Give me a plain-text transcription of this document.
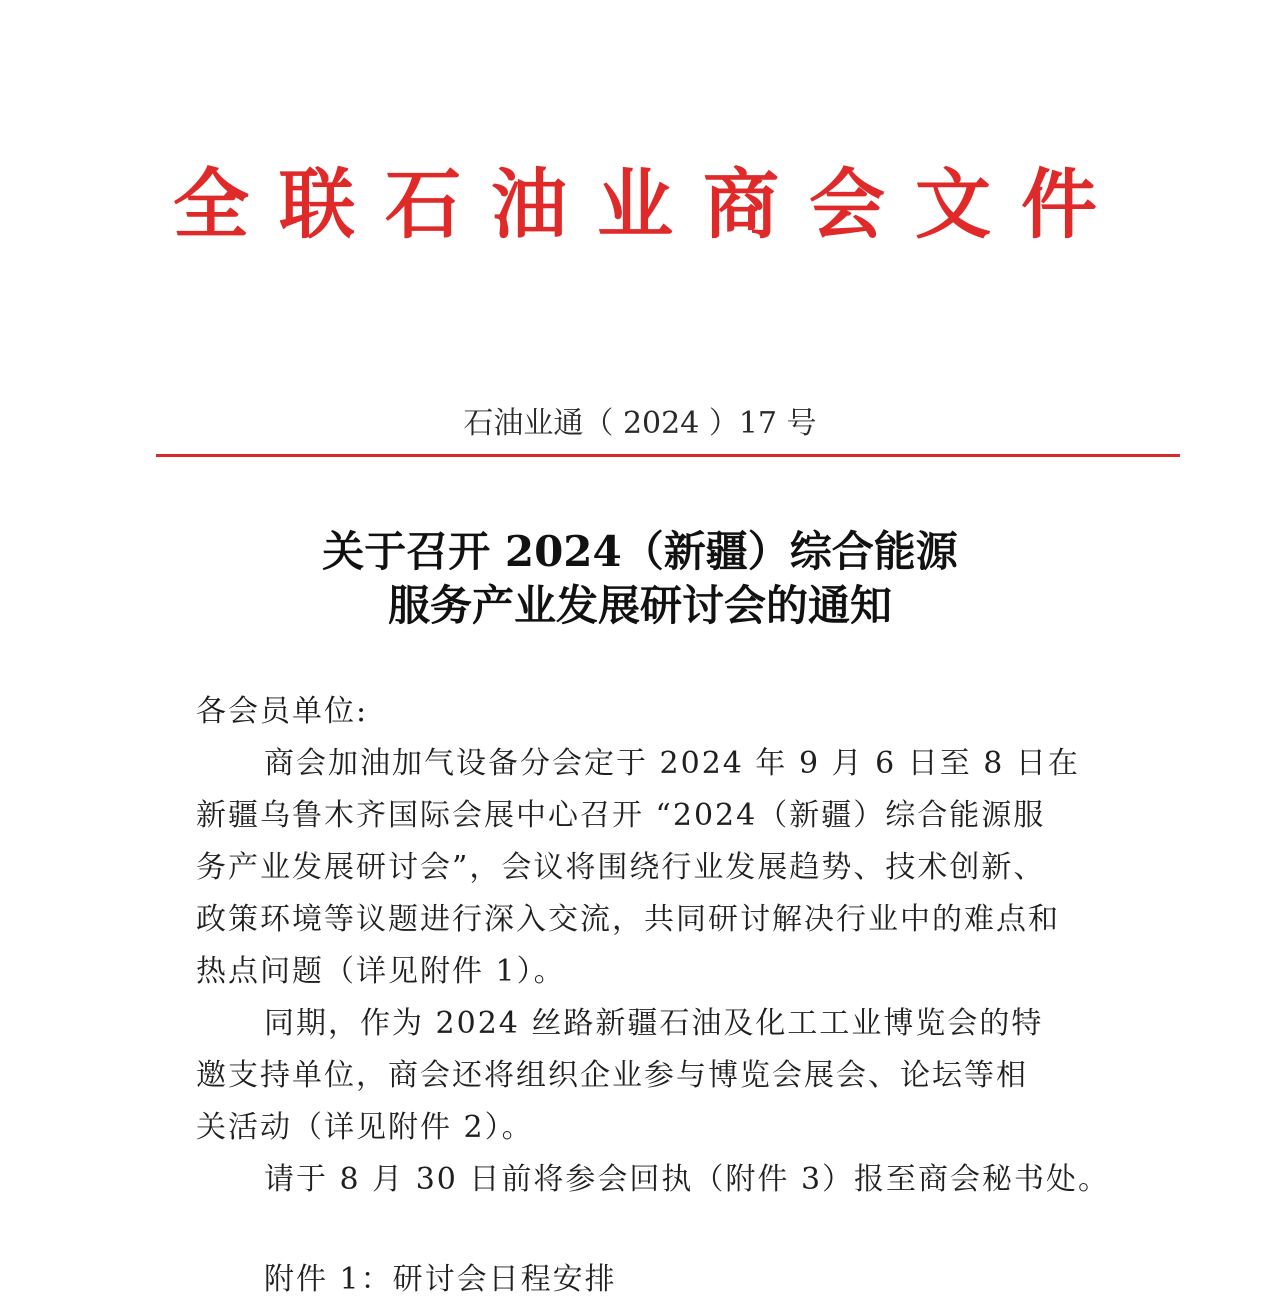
全联石油业商会文件
石油业通（ 2024 ）17 号
关于召开 2024（新疆）综合能源
服务产业发展研讨会的通知
各会员单位:
商会加油加气设备分会定于 2024 年 9 月 6 日至 8 日在
新疆乌鲁木齐国际会展中心召开 “2024（新疆）综合能源服
务产业发展研讨会”，会议将围绕行业发展趋势、技术创新、
政策环境等议题进行深入交流，共同研讨解决行业中的难点和
热点问题（详见附件 1）。
同期，作为 2024 丝路新疆石油及化工工业博览会的特
邀支持单位，商会还将组织企业参与博览会展会、论坛等相
关活动（详见附件 2）。
请于 8 月 30 日前将参会回执（附件 3）报至商会秘书处。
附件 1：研讨会日程安排
